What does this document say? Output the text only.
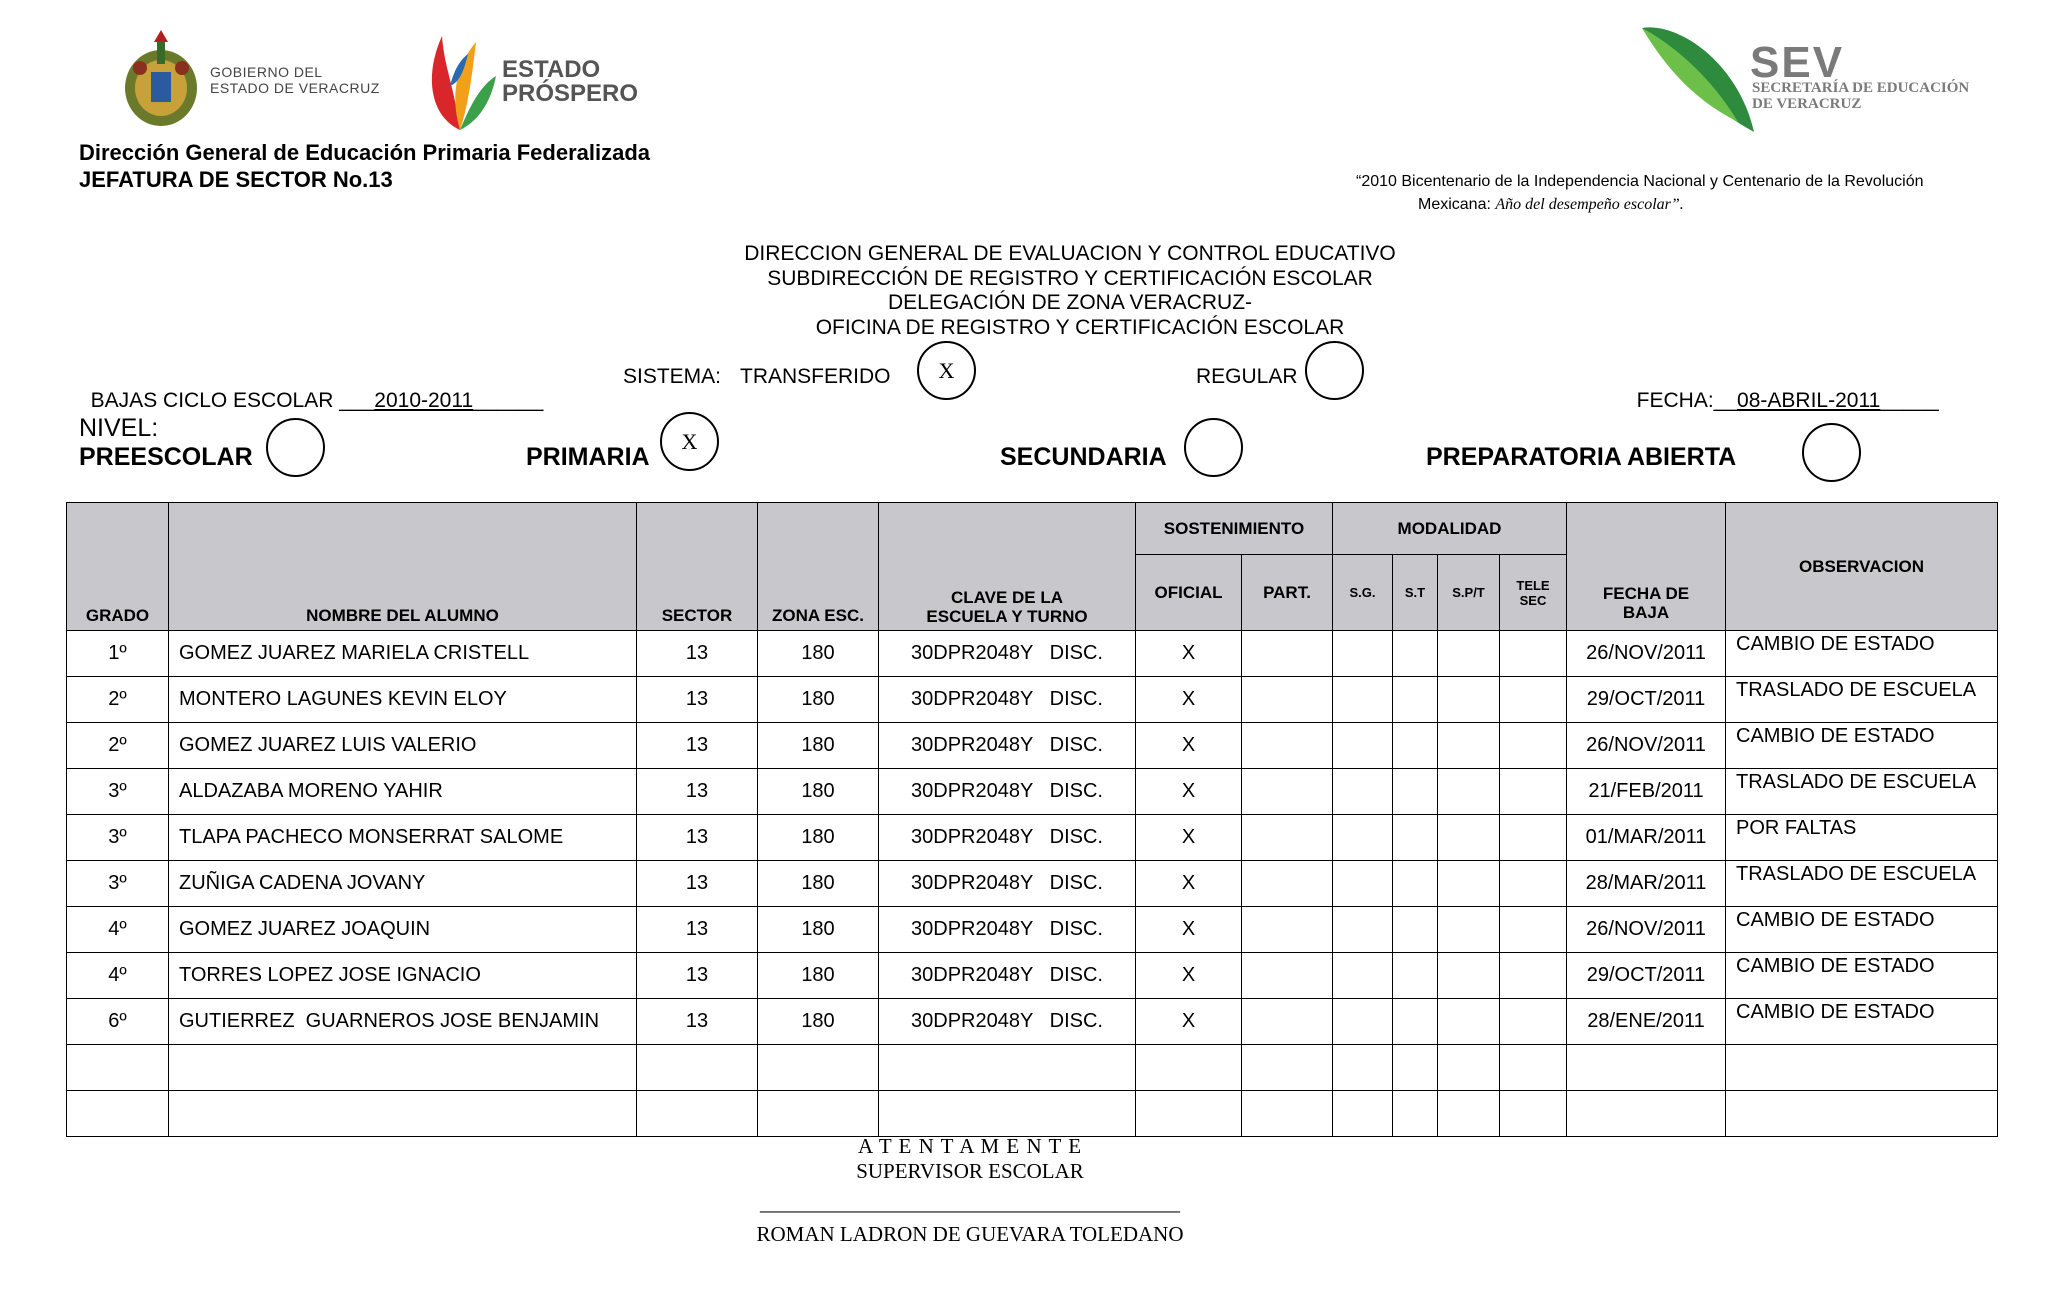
GOBIERNO DEL
ESTADO DE VERACRUZ
ESTADO
PRÓSPERO
SEV
SECRETARÍA DE EDUCACIÓN
DE VERACRUZ
Dirección General de Educación Primaria Federalizada
JEFATURA DE SECTOR No.13	“2010 Bicentenario de la Independencia Nacional y Centenario de la Revolución
Mexicana: Año del desempeño escolar”.
DIRECCION GENERAL DE EVALUACION Y CONTROL EDUCATIVO
SUBDIRECCIÓN DE REGISTRO Y CERTIFICACIÓN ESCOLAR
DELEGACIÓN DE ZONA VERACRUZ-
OFICINA DE REGISTRO Y CERTIFICACIÓN ESCOLAR

BAJAS CICLO ESCOLAR ___2010-2011______

SISTEMA: TRANSFERIDO	X	REGULAR

FECHA:__08-ABRIL-2011_____

NIVEL:
PREESCOLAR	PRIMARIA
X
SECUNDARIA	PREPARATORIA ABIERTA
GRADO	NOMBRE DEL ALUMNO	SECTOR	ZONA ESC.	CLAVE DE LA ESCUELA Y TURNO	SOSTENIMIENTO		MODALIDAD				FECHA DE BAJA	OBSERVACION
					OFICIAL	PART.	S.G.	S.T	S.P/T	TELE SEC		
1º	GOMEZ JUAREZ MARIELA CRISTELL	13	180	30DPR2048Y   DISC.	X						26/NOV/2011	CAMBIO DE ESTADO
2º	MONTERO LAGUNES KEVIN ELOY	13	180	30DPR2048Y   DISC.	X						29/OCT/2011	TRASLADO DE ESCUELA
2º	GOMEZ JUAREZ LUIS VALERIO	13	180	30DPR2048Y   DISC.	X						26/NOV/2011	CAMBIO DE ESTADO
3º	ALDAZABA MORENO YAHIR	13	180	30DPR2048Y   DISC.	X						21/FEB/2011	TRASLADO DE ESCUELA
3º	TLAPA PACHECO MONSERRAT SALOME	13	180	30DPR2048Y   DISC.	X						01/MAR/2011	POR FALTAS
3º	ZUÑIGA CADENA JOVANY	13	180	30DPR2048Y   DISC.	X						28/MAR/2011	TRASLADO DE ESCUELA
4º	GOMEZ JUAREZ JOAQUIN	13	180	30DPR2048Y   DISC.	X						26/NOV/2011	CAMBIO DE ESTADO
4º	TORRES LOPEZ JOSE IGNACIO	13	180	30DPR2048Y   DISC.	X						29/OCT/2011	CAMBIO DE ESTADO
6º	GUTIERREZ  GUARNEROS JOSE BENJAMIN	13	180	30DPR2048Y   DISC.	X						28/ENE/2011	CAMBIO DE ESTADO

A T E N T A M E N T E
SUPERVISOR ESCOLAR
________________________________________
ROMAN LADRON DE GUEVARA TOLEDANO
